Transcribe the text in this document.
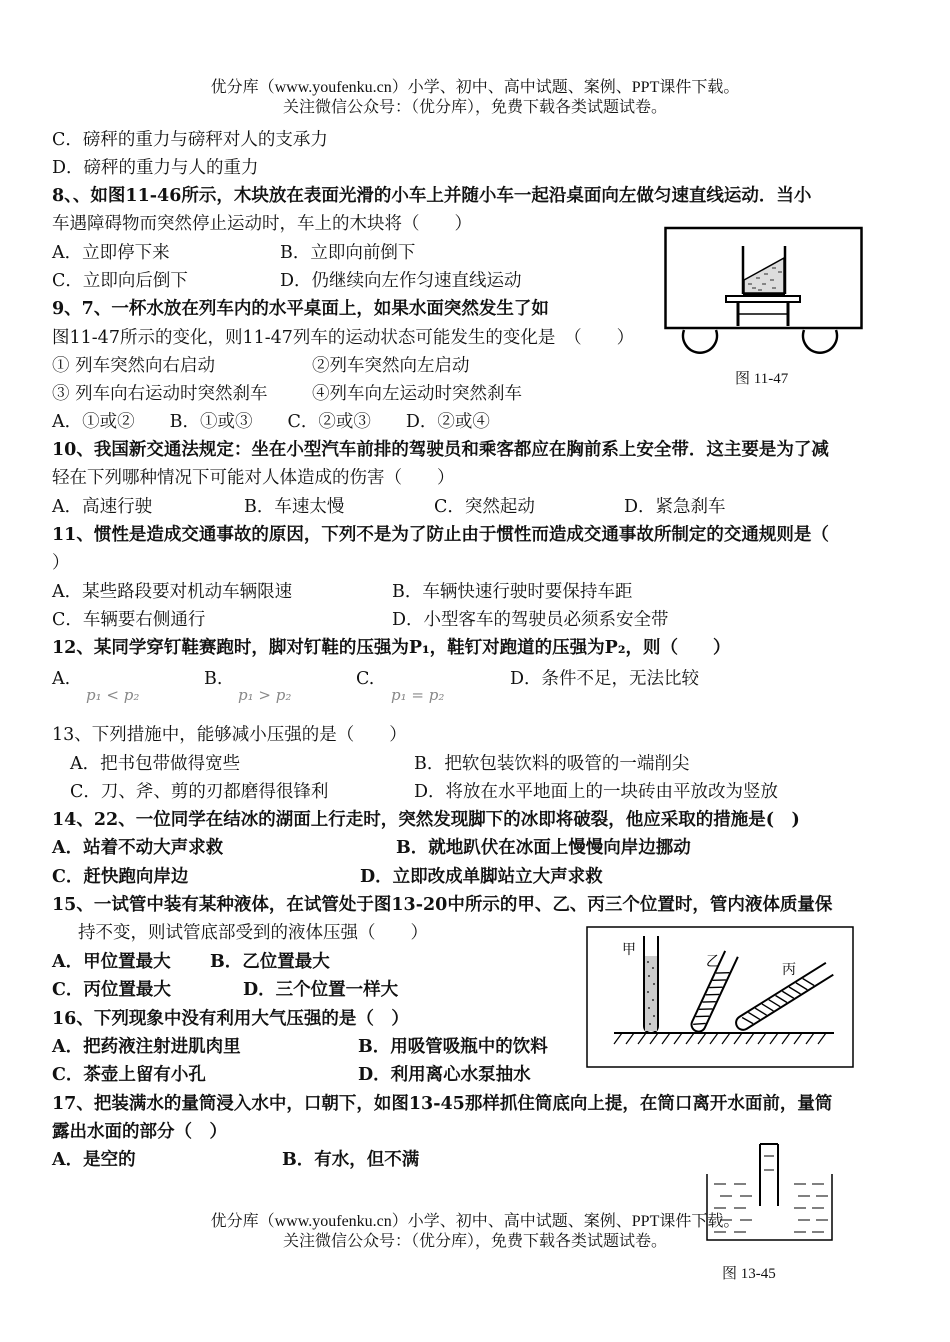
优分库（www.youfenku.cn）小学、初中、高中试题、案例、PPT课件下载。
关注微信公众号：（优分库），免费下载各类试题试卷。
C．磅秤的重力与磅秤对人的支承力
D．磅秤的重力与人的重力
8、、如图11-46所示，木块放在表面光滑的小车上并随小车一起沿桌面向左做匀速直线运动．当小
车遇障碍物而突然停止运动时，车上的木块将（　　）
A．立即停下来	B．立即向前倒下
C．立即向后倒下	D．仍继续向左作匀速直线运动
9、7、一杯水放在列车内的水平桌面上，如果水面突然发生了如
图11-47所示的变化，则11-47列车的运动状态可能发生的变化是　（　　）
① 列车突然向右启动	②列车突然向左启动
③ 列车向右运动时突然刹车	④列车向左运动时突然刹车
A．①或②　　B．①或③　　C．②或③　　D．②或④
图 11-47
10、我国新交通法规定：坐在小型汽车前排的驾驶员和乘客都应在胸前系上安全带．这主要是为了减
轻在下列哪种情况下可能对人体造成的伤害（　　）
A．高速行驶	B．车速太慢	C．突然起动	D．紧急刹车
11、惯性是造成交通事故的原因，下列不是为了防止由于惯性而造成交通事故所制定的交通规则是（
）
A．某些路段要对机动车辆限速	B．车辆快速行驶时要保持车距
C．车辆要右侧通行	D．小型客车的驾驶员必须系安全带
12、某同学穿钉鞋赛跑时，脚对钉鞋的压强为P₁，鞋钉对跑道的压强为P₂，则（　　）
A.
p₁ < p₂
B.
p₁ > p₂
C.
p₁ = p₂
D．条件不足，无法比较
13、下列措施中，能够减小压强的是（　　）
A．把书包带做得宽些	B．把软包装饮料的吸管的一端削尖
C．刀、斧、剪的刃都磨得很锋利	D．将放在水平地面上的一块砖由平放改为竖放
14、22、一位同学在结冰的湖面上行走时，突然发现脚下的冰即将破裂，他应采取的措施是(　)
A．站着不动大声求救	B．就地趴伏在冰面上慢慢向岸边挪动
C．赶快跑向岸边	D．立即改成单脚站立大声求救
15、一试管中装有某种液体，在试管处于图13-20中所示的甲、乙、丙三个位置时，管内液体质量保
持不变，则试管底部受到的液体压强（　　）
A．甲位置最大 B．乙位置最大
C．丙位置最大	D．三个位置一样大
甲
乙	丙
16、下列现象中没有利用大气压强的是（　）
A．把药液注射进肌肉里	B．用吸管吸瓶中的饮料
C．茶壶上留有小孔	D．利用离心水泵抽水
17、把装满水的量筒浸入水中，口朝下，如图13-45那样抓住筒底向上提，在筒口离开水面前，量筒
露出水面的部分（　）
A．是空的	B．有水，但不满
优分库（www.youfenku.cn）小学、初中、高中试题、案例、PPT课件下载。
关注微信公众号：（优分库），免费下载各类试题试卷。
图 13-45
